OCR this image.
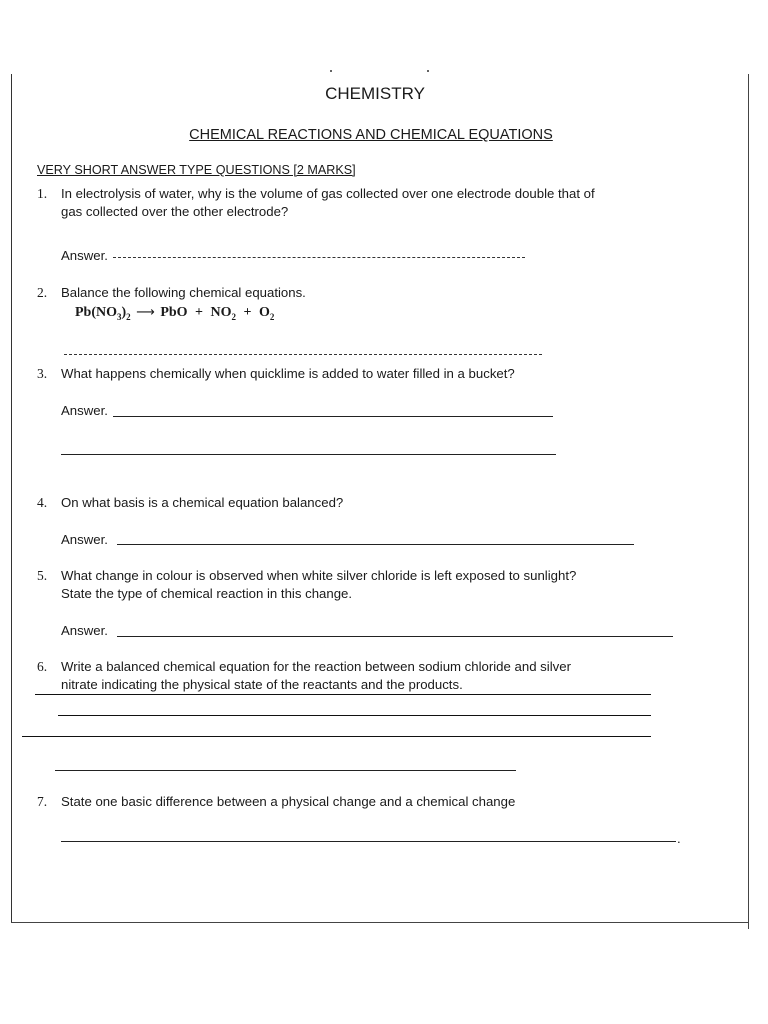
CHEMISTRY
CHEMICAL REACTIONS AND CHEMICAL EQUATIONS
VERY SHORT ANSWER TYPE QUESTIONS [2 MARKS]
1. In electrolysis of water, why is the volume of gas collected over one electrode double that of
gas collected over the other electrode?
Answer.
2. Balance the following chemical equations.
$Pb(NO_3)_2$ ⟶ PbO + $NO_2 + O_2$
3. What happens chemically when quicklime is added to water filled in a bucket?
Answer.
4. On what basis is a chemical equation balanced?
Answer.
5. What change in colour is observed when white silver chloride is left exposed to sunlight?
State the type of chemical reaction in this change.
Answer.
6. Write a balanced chemical equation for the reaction between sodium chloride and silver
nitrate indicating the physical state of the reactants and the products.
7. State one basic difference between a physical change and a chemical change
.
